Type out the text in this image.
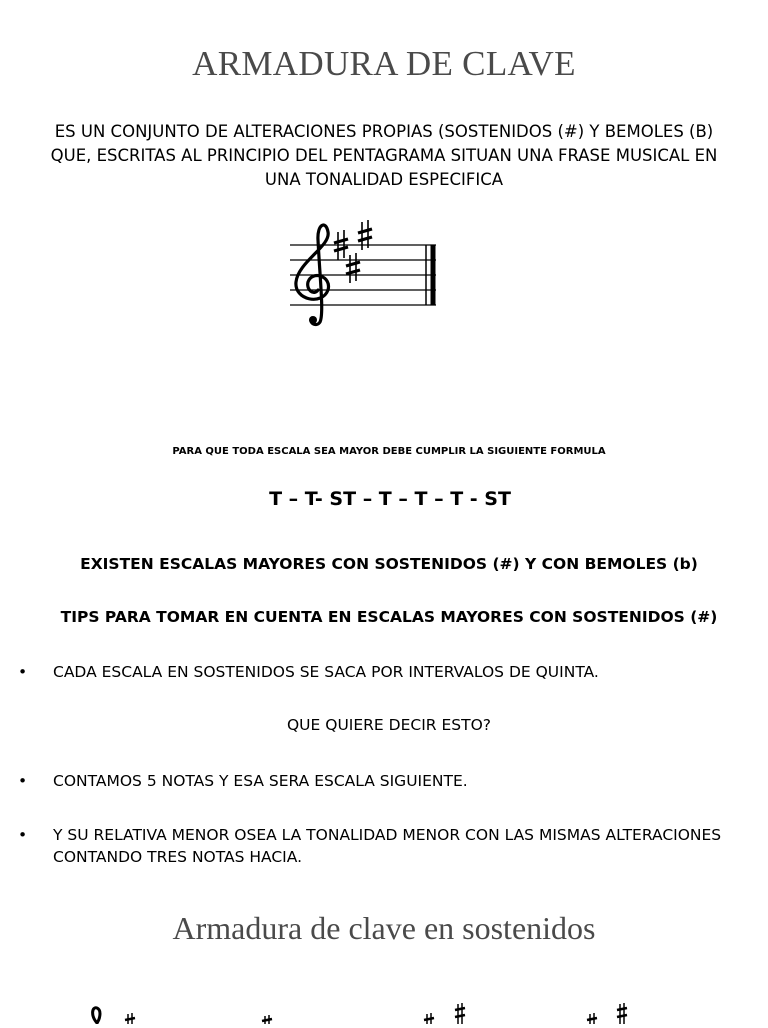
ARMADURA DE CLAVE
ES UN CONJUNTO DE ALTERACIONES PROPIAS (SOSTENIDOS (#) Y BEMOLES (B) QUE, ESCRITAS AL PRINCIPIO DEL PENTAGRAMA SITUAN UNA FRASE MUSICAL EN UNA TONALIDAD ESPECIFICA
PARA QUE TODA ESCALA SEA MAYOR DEBE CUMPLIR LA SIGUIENTE FORMULA
T – T- ST – T – T – T - ST
EXISTEN ESCALAS MAYORES CON SOSTENIDOS (#) Y CON BEMOLES (b)
TIPS PARA TOMAR EN CUENTA EN ESCALAS MAYORES CON SOSTENIDOS (#)
• CADA ESCALA EN SOSTENIDOS SE SACA POR INTERVALOS DE QUINTA.
QUE QUIERE DECIR ESTO?
• CONTAMOS 5 NOTAS Y ESA SERA ESCALA SIGUIENTE.
• Y SU RELATIVA MENOR OSEA LA TONALIDAD MENOR CON LAS MISMAS ALTERACIONES CONTANDO TRES NOTAS HACIA.
Armadura de clave en sostenidos
